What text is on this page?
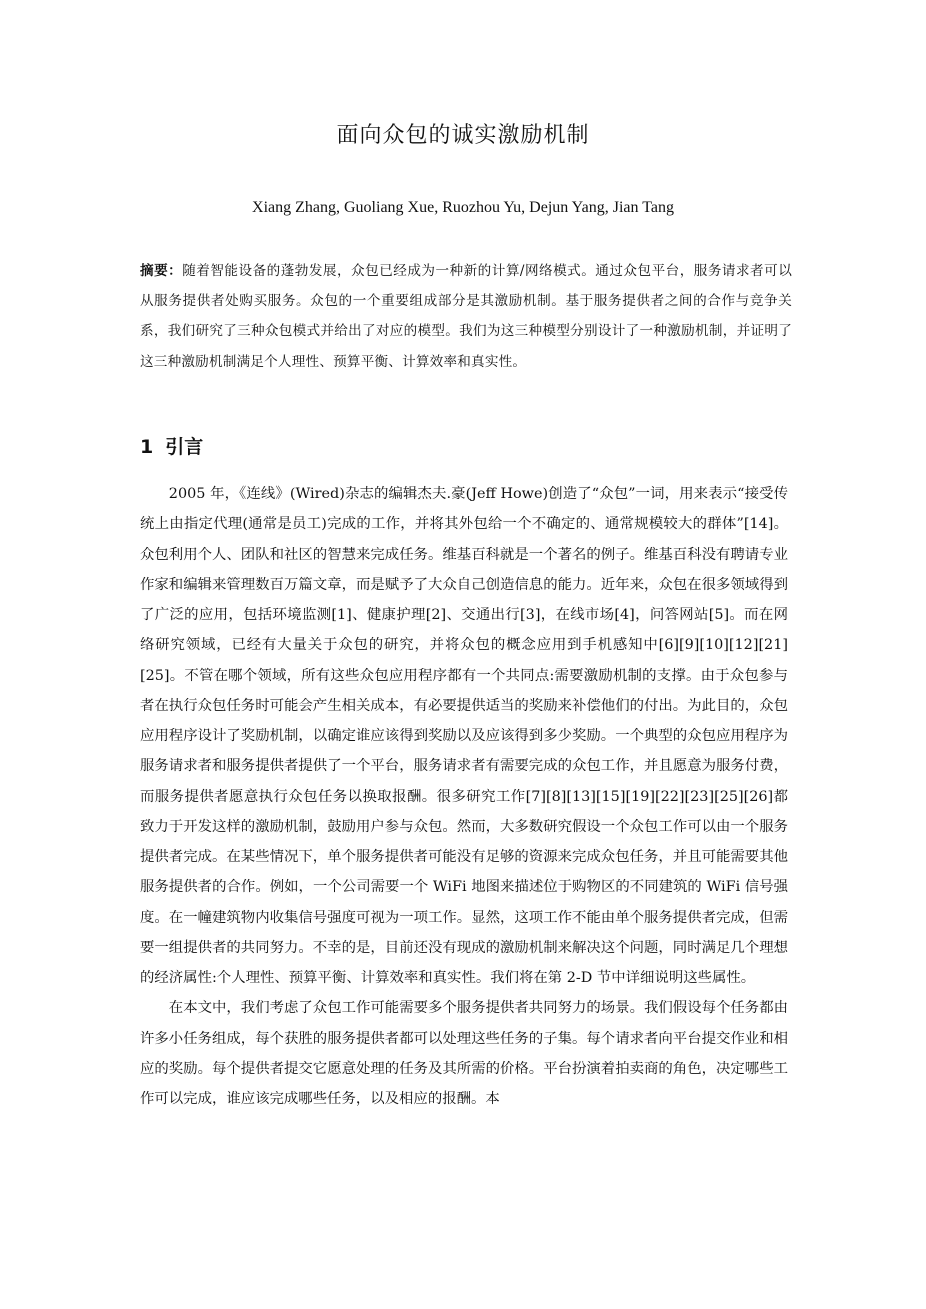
面向众包的诚实激励机制
Xiang Zhang, Guoliang Xue, Ruozhou Yu, Dejun Yang, Jian Tang
摘要：随着智能设备的蓬勃发展，众包已经成为一种新的计算/网络模式。通过众包平台，服务请求者可以从服务提供者处购买服务。众包的一个重要组成部分是其激励机制。基于服务提供者之间的合作与竞争关系，我们研究了三种众包模式并给出了对应的模型。我们为这三种模型分别设计了一种激励机制，并证明了这三种激励机制满足个人理性、预算平衡、计算效率和真实性。
1 引言

2005 年，《连线》(Wired)杂志的编辑杰夫.豪(Jeff Howe)创造了“众包”一词，用来表示“接受传统上由指定代理(通常是员工)完成的工作，并将其外包给一个不确定的、通常规模较大的群体”[14]。众包利用个人、团队和社区的智慧来完成任务。维基百科就是一个著名的例子。维基百科没有聘请专业作家和编辑来管理数百万篇文章，而是赋予了大众自己创造信息的能力。近年来，众包在很多领域得到了广泛的应用，包括环境监测[1]、健康护理[2]、交通出行[3]，在线市场[4]，问答网站[5]。而在网络研究领域，已经有大量关于众包的研究，并将众包的概念应用到手机感知中[6][9][10][12][21][25]。不管在哪个领域，所有这些众包应用程序都有一个共同点:需要激励机制的支撑。由于众包参与者在执行众包任务时可能会产生相关成本，有必要提供适当的奖励来补偿他们的付出。为此目的，众包应用程序设计了奖励机制，以确定谁应该得到奖励以及应该得到多少奖励。一个典型的众包应用程序为服务请求者和服务提供者提供了一个平台，服务请求者有需要完成的众包工作，并且愿意为服务付费，而服务提供者愿意执行众包任务以换取报酬。很多研究工作[7][8][13][15][19][22][23][25][26]都致力于开发这样的激励机制，鼓励用户参与众包。然而，大多数研究假设一个众包工作可以由一个服务提供者完成。在某些情况下，单个服务提供者可能没有足够的资源来完成众包任务，并且可能需要其他服务提供者的合作。例如，一个公司需要一个 WiFi 地图来描述位于购物区的不同建筑的 WiFi 信号强度。在一幢建筑物内收集信号强度可视为一项工作。显然，这项工作不能由单个服务提供者完成，但需要一组提供者的共同努力。不幸的是，目前还没有现成的激励机制来解决这个问题，同时满足几个理想的经济属性:个人理性、预算平衡、计算效率和真实性。我们将在第 2-D 节中详细说明这些属性。

在本文中，我们考虑了众包工作可能需要多个服务提供者共同努力的场景。我们假设每个任务都由许多小任务组成，每个获胜的服务提供者都可以处理这些任务的子集。每个请求者向平台提交作业和相应的奖励。每个提供者提交它愿意处理的任务及其所需的价格。平台扮演着拍卖商的角色，决定哪些工作可以完成，谁应该完成哪些任务，以及相应的报酬。本
